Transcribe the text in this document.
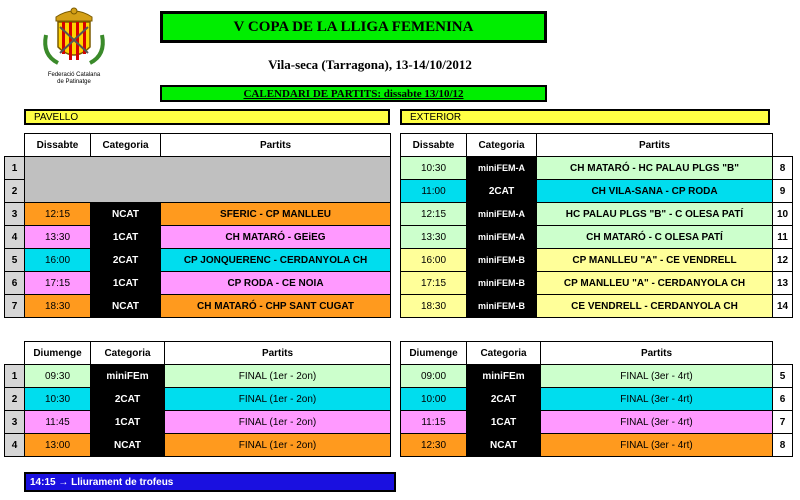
Federació Catalana
de Patinatge
V COPA DE LA LLIGA FEMENINA
Vila-seca (Tarragona), 13-14/10/2012
CALENDARI DE PARTITS: dissabte 13/10/12
PAVELLO	EXTERIOR
	Dissabte	Categoria	Partits		Dissabte	Categoria	Partits	
1					10:30	miniFEM-A	CH MATARÓ - HC PALAU PLGS "B"	8
2					11:00	2CAT	CH VILA-SANA - CP RODA	9
3	12:15	NCAT	SFERIC - CP MANLLEU		12:15	miniFEM-A	HC PALAU PLGS "B" - C OLESA PATÍ	10
4	13:30	1CAT	CH MATARÓ - GEiEG		13:30	miniFEM-A	CH MATARÓ - C OLESA PATÍ	11
5	16:00	2CAT	CP JONQUERENC - CERDANYOLA CH		16:00	miniFEM-B	CP MANLLEU "A" - CE VENDRELL	12
6	17:15	1CAT	CP RODA - CE NOIA		17:15	miniFEM-B	CP MANLLEU "A" - CERDANYOLA CH	13
7	18:30	NCAT	CH MATARÓ - CHP SANT CUGAT		18:30	miniFEM-B	CE VENDRELL - CERDANYOLA CH	14
	Diumenge	Categoria	Partits		Diumenge	Categoria	Partits	
1	09:30	miniFEm	FINAL (1er - 2on)		09:00	miniFEm	FINAL (3er - 4rt)	5
2	10:30	2CAT	FINAL (1er - 2on)		10:00	2CAT	FINAL (3er - 4rt)	6
3	11:45	1CAT	FINAL (1er - 2on)		11:15	1CAT	FINAL (3er - 4rt)	7
4	13:00	NCAT	FINAL (1er - 2on)		12:30	NCAT	FINAL (3er - 4rt)	8
14:15 → Lliurament de trofeus
